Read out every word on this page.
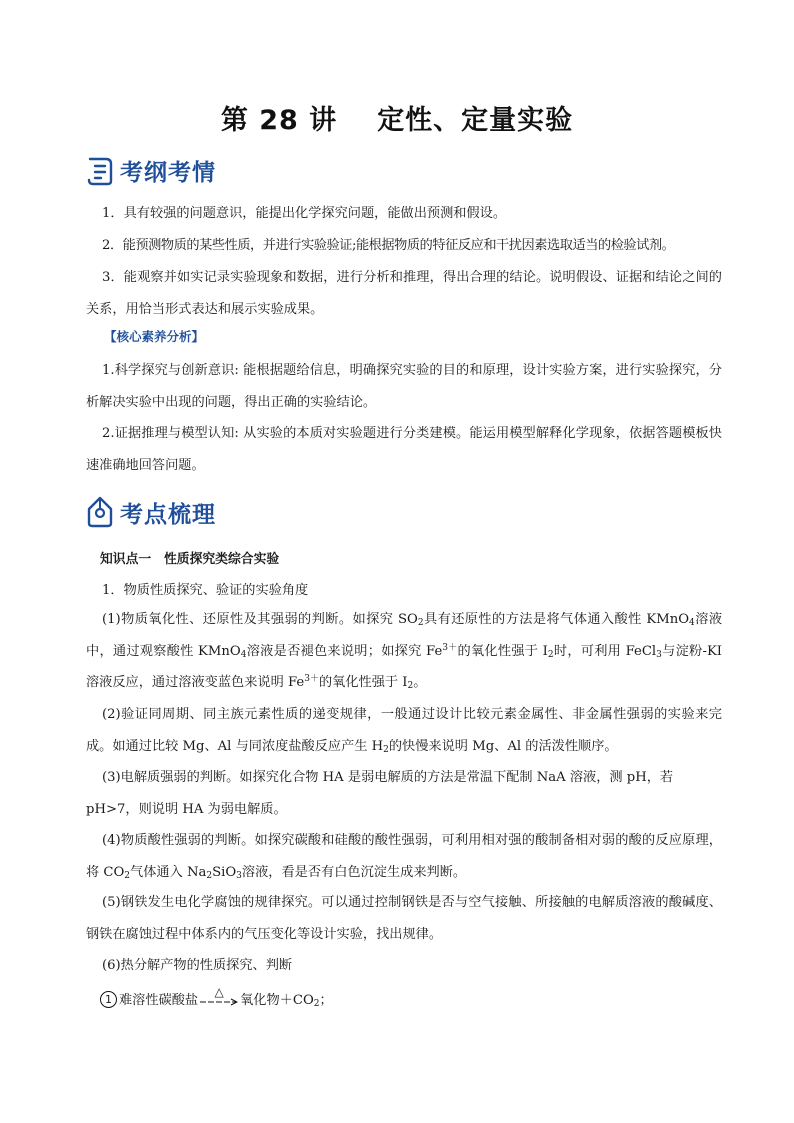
第 28 讲 定性、定量实验
考纲考情
1．具有较强的问题意识，能提出化学探究问题，能做出预测和假设。
2．能预测物质的某些性质，并进行实验验证;能根据物质的特征反应和干扰因素选取适当的检验试剂。
3．能观察并如实记录实验现象和数据，进行分析和推理，得出合理的结论。说明假设、证据和结论之间的关系，用恰当形式表达和展示实验成果。
【核心素养分析】
1.科学探究与创新意识: 能根据题给信息，明确探究实验的目的和原理，设计实验方案，进行实验探究，分析解决实验中出现的问题，得出正确的实验结论。
2.证据推理与模型认知: 从实验的本质对实验题进行分类建模。能运用模型解释化学现象，依据答题模板快速准确地回答问题。
考点梳理
知识点一　性质探究类综合实验
1．物质性质探究、验证的实验角度
(1)物质氧化性、还原性及其强弱的判断。如探究 $SO_2$具有还原性的方法是将气体通入酸性 KMnO$_4$溶液中，通过观察酸性 KMnO$_4$溶液是否褪色来说明；如探究 $Fe^{3+}$的氧化性强于 $I_2$时，可利用 FeCl$_3$与淀粉-KI 溶液反应，通过溶液变蓝色来说明 $Fe^{3+}$的氧化性强于 $I_2$。
(2)验证同周期、同主族元素性质的递变规律，一般通过设计比较元素金属性、非金属性强弱的实验来完成。如通过比较 Mg、Al 与同浓度盐酸反应产生 $H_2$的快慢来说明 Mg、Al 的活泼性顺序。
(3)电解质强弱的判断。如探究化合物 HA 是弱电解质的方法是常温下配制 NaA 溶液，测 pH，若
pH>7，则说明 HA 为弱电解质。
(4)物质酸性强弱的判断。如探究碳酸和硅酸的酸性强弱，可利用相对强的酸制备相对弱的酸的反应原理，将 $CO_2$气体通入 $Na_2SiO_3$溶液，看是否有白色沉淀生成来判断。
(5)钢铁发生电化学腐蚀的规律探究。可以通过控制钢铁是否与空气接触、所接触的电解质溶液的酸碱度、钢铁在腐蚀过程中体系内的气压变化等设计实验，找出规律。
(6)热分解产物的性质探究、判断
1 难溶性碳酸盐
△
氧化物$+CO_2$；
